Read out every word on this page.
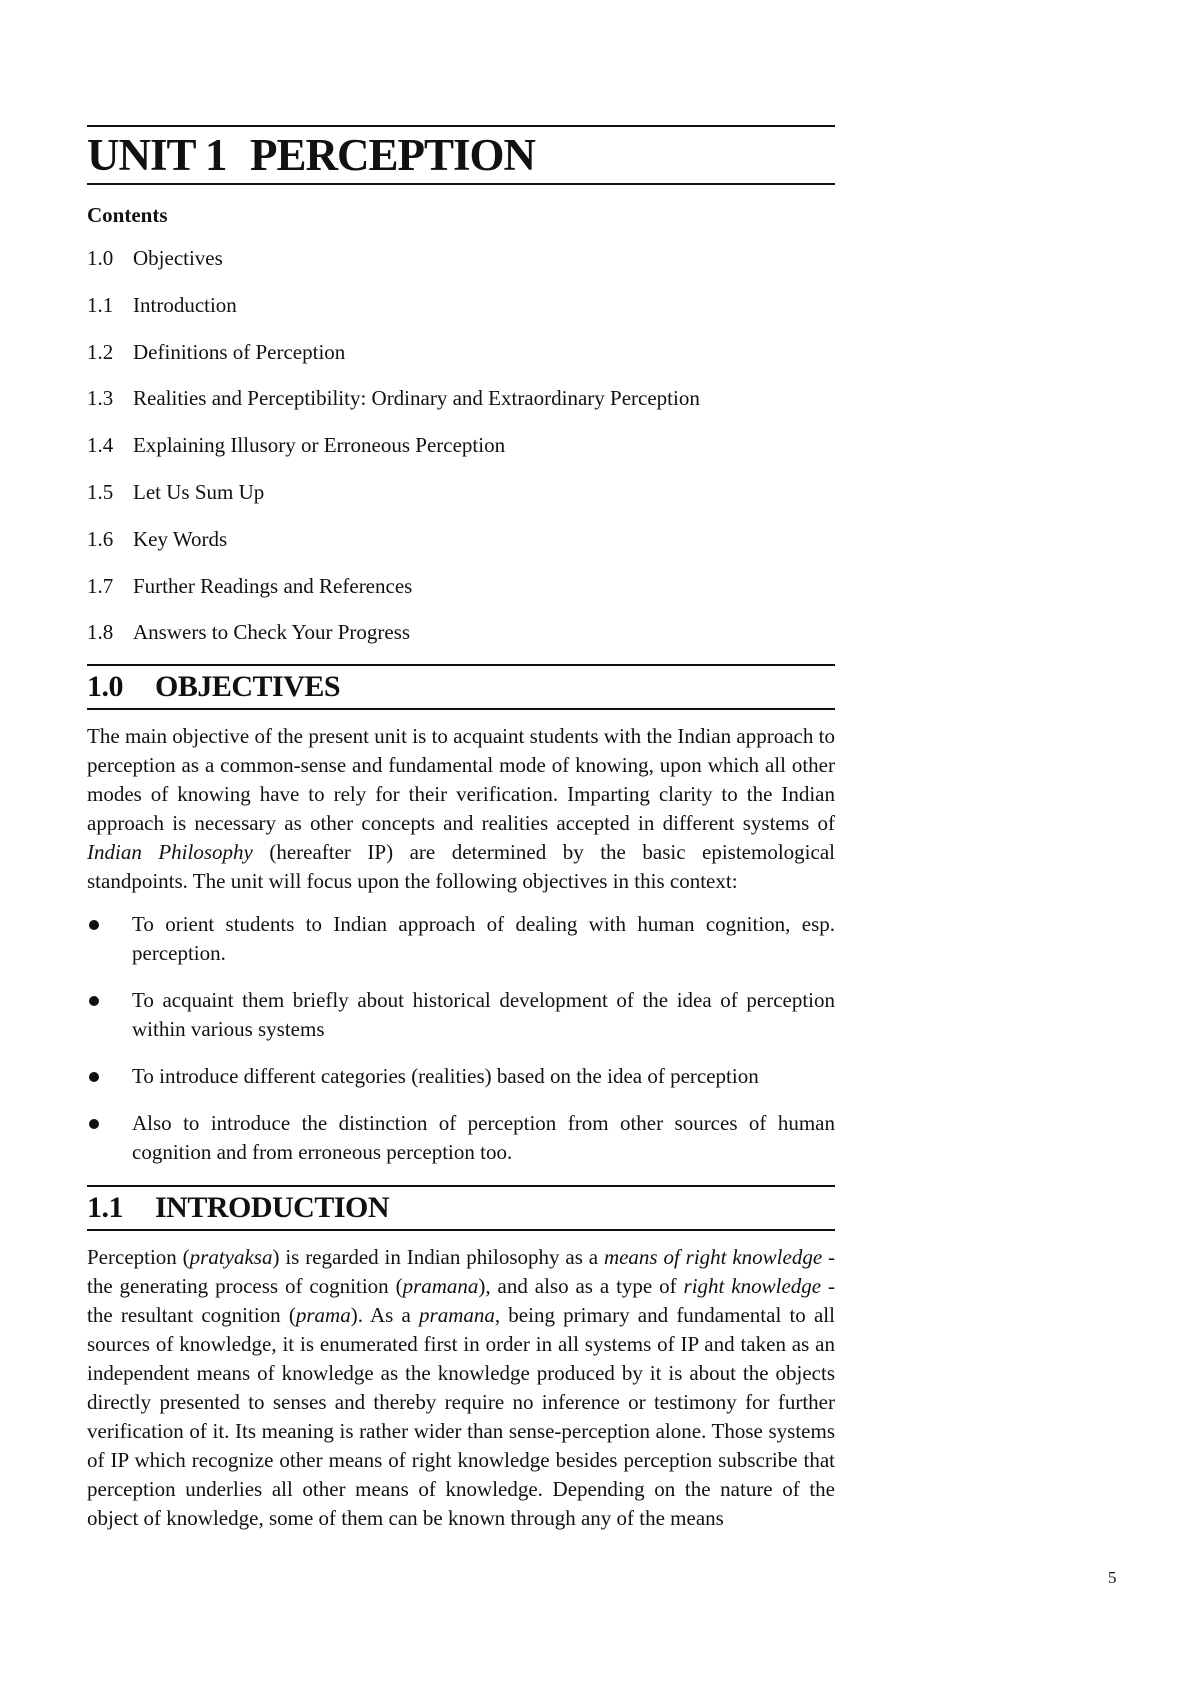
UNIT 1 PERCEPTION
Contents
1.0 Objectives
1.1 Introduction
1.2 Definitions of Perception
1.3 Realities and Perceptibility: Ordinary and Extraordinary Perception
1.4 Explaining Illusory or Erroneous Perception
1.5 Let Us Sum Up
1.6 Key Words
1.7 Further Readings and References
1.8 Answers to Check Your Progress
1.0 OBJECTIVES

The main objective of the present unit is to acquaint students with the Indian approach to perception as a common-sense and fundamental mode of knowing, upon which all other modes of knowing have to rely for their verification. Imparting clarity to the Indian approach is necessary as other concepts and realities accepted in different systems of Indian Philosophy (hereafter IP) are determined by the basic epistemological standpoints. The unit will focus upon the following objectives in this context:

To orient students to Indian approach of dealing with human cognition, esp. perception.
To acquaint them briefly about historical development of the idea of perception within various systems
To introduce different categories (realities) based on the idea of perception
Also to introduce the distinction of perception from other sources of human cognition and from erroneous perception too.
1.1 INTRODUCTION

Perception (pratyaksa) is regarded in Indian philosophy as a means of right knowledge - the generating process of cognition (pramana), and also as a type of right knowledge - the resultant cognition (prama). As a pramana, being primary and fundamental to all sources of knowledge, it is enumerated first in order in all systems of IP and taken as an independent means of knowledge as the knowledge produced by it is about the objects directly presented to senses and thereby require no inference or testimony for further verification of it. Its meaning is rather wider than sense-perception alone. Those systems of IP which recognize other means of right knowledge besides perception subscribe that perception underlies all other means of knowledge. Depending on the nature of the object of knowledge, some of them can be known through any of the means

5
